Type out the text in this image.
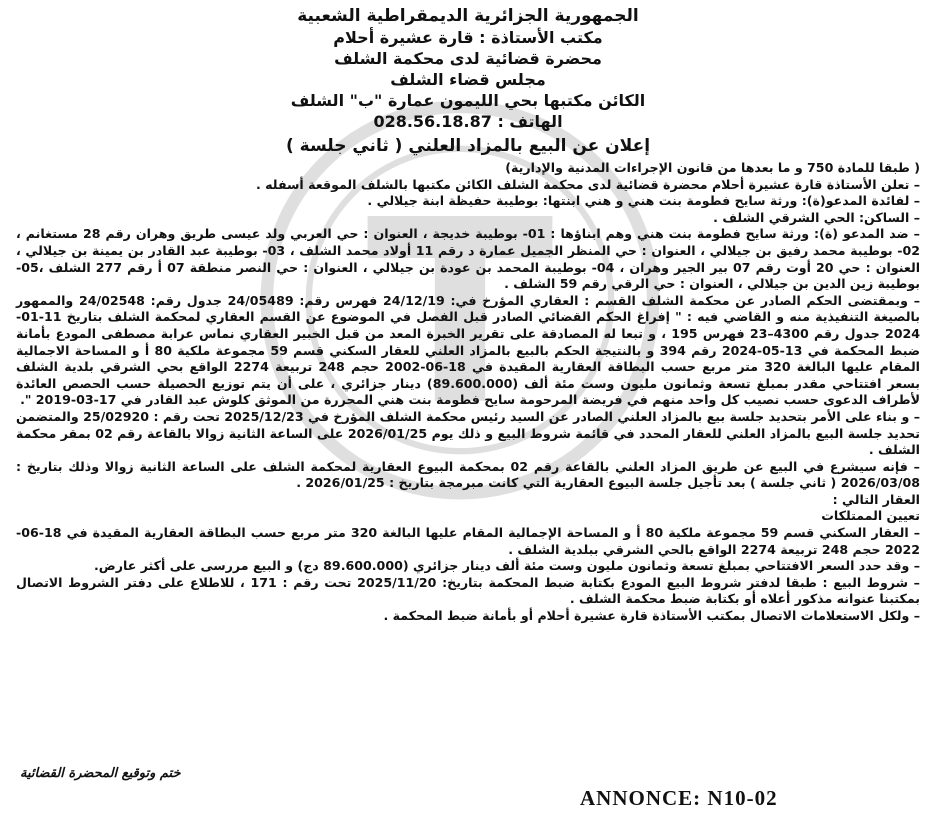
الجمهورية الجزائرية الديمقراطية الشعبية
مكتب الأستاذة : قارة عشيرة أحلام
محضرة قضائية لدى محكمة الشلف
مجلس قضاء الشلف
الكائن مكتبها بحي الليمون عمارة "ب" الشلف
الهاتف : 028.56.18.87
إعلان عن البيع بالمزاد العلني ( ثاني جلسة )

( طبقا للمادة 750 و ما بعدها من قانون الإجراءات المدنية والإدارية)

– تعلن الأستاذة قارة عشيرة أحلام محضرة قضائية لدى محكمة الشلف الكائن مكتبها بالشلف الموقعة أسفله .

– لفائدة المدعو(ة): ورثة سايح فطومة بنت هني و هني ابنتها: بوطيبة حفيظة ابنة جيلالي .

– الساكن: الحي الشرقي الشلف .

– ضد المدعو (ة): ورثة سايح فطومة بنت هني وهم ابناؤها : 01- بوطيبة خديجة ، العنوان : حي العربي ولد عيسى طريق وهران رقم 28 مستغانم ، 02- بوطيبة محمد رفيق بن جيلالي ، العنوان : حي المنظر الجميل عمارة د رقم 11 أولاد محمد الشلف ، 03- بوطيبة عبد القادر بن يمينة بن جيلالي ، العنوان : حي 20 أوت رقم 07 بير الجير وهران ، 04- بوطيبة المحمد بن عودة بن جيلالي ، العنوان : حي النصر منطقة 07 أ رقم 277 الشلف ،05- بوطيبة زين الدين بن جيلالي ، العنوان : حي الرقي رقم 59 الشلف .

– وبمقتضى الحكم الصادر عن محكمة الشلف القسم : العقاري المؤرخ في: 24/12/19 فهرس رقم: 24/05489 جدول رقم: 24/02548 والممهور بالصيغة التنفيذية منه و القاضي فيه : " إفراغ الحكم القضائي الصادر قبل الفصل في الموضوع عن القسم العقاري لمحكمة الشلف بتاريخ 11-01-2024 جدول رقم 4300–23 فهرس 195 ، و تبعا له المصادقة على تقرير الخبرة المعد من قبل الخبير العقاري نماس عرابة مصطفى المودع بأمانة ضبط المحكمة في 13-05-2024 رقم 394 و بالنتيجة الحكم بالبيع بالمزاد العلني للعقار السكني قسم 59 مجموعة ملكية 80 أ و المساحة الاجمالية المقام عليها البالغة 320 متر مربع حسب البطاقة العقارية المقيدة في 18-06-2002 حجم 248 تربيعة 2274 الواقع بحي الشرقي بلدية الشلف بسعر افتتاحي مقدر بمبلغ تسعة وثمانون مليون وست مئة ألف (89.600.000) دينار جزائري ، على أن يتم توزيع الحصيلة حسب الحصص العائدة لأطراف الدعوى حسب نصيب كل واحد منهم في فريضة المرحومة سايح فطومة بنت هني المحررة من الموثق كلوش عبد القادر في 17-03-2019 ".

– و بناء على الأمر بتحديد جلسة بيع بالمزاد العلني الصادر عن السيد رئيس محكمة الشلف المؤرخ في 2025/12/23 تحت رقم : 25/02920 والمتضمن تحديد جلسة البيع بالمزاد العلني للعقار المحدد في قائمة شروط البيع و ذلك يوم 2026/01/25 على الساعة الثانية زوالا بالقاعة رقم 02 بمقر محكمة الشلف .

– فإنه سيشرع في البيع عن طريق المزاد العلني بالقاعة رقم 02 بمحكمة البيوع العقارية لمحكمة الشلف على الساعة الثانية زوالا وذلك بتاريخ : 2026/03/08 ( ثاني جلسة ) بعد تأجيل جلسة البيوع العقارية التي كانت مبرمجة بتاريخ : 2026/01/25 .

العقار التالي :
تعيين الممتلكات

– العقار السكني قسم 59 مجموعة ملكية 80 أ و المساحة الإجمالية المقام عليها البالغة 320 متر مربع حسب البطاقة العقارية المقيدة في 18-06-2022 حجم 248 تربيعة 2274 الواقع بالحي الشرقي ببلدية الشلف .

– وقد حدد السعر الافتتاحي بمبلغ تسعة وثمانون مليون وست مئة ألف دينار جزائري (89.600.000 دج) و البيع مررسى على أكثر عارض.

– شروط البيع : طبقا لدفتر شروط البيع المودع بكتابة ضبط المحكمة بتاريخ: 2025/11/20 تحت رقم : 171 ، للاطلاع على دفتر الشروط الاتصال بمكتبنا عنوانه مذكور أعلاه أو بكتابة ضبط محكمة الشلف .

– ولكل الاستعلامات الاتصال بمكتب الأستاذة قارة عشيرة أحلام أو بأمانة ضبط المحكمة .

ختم وتوقيع المحضرة القضائية
ANNONCE: N10-02
